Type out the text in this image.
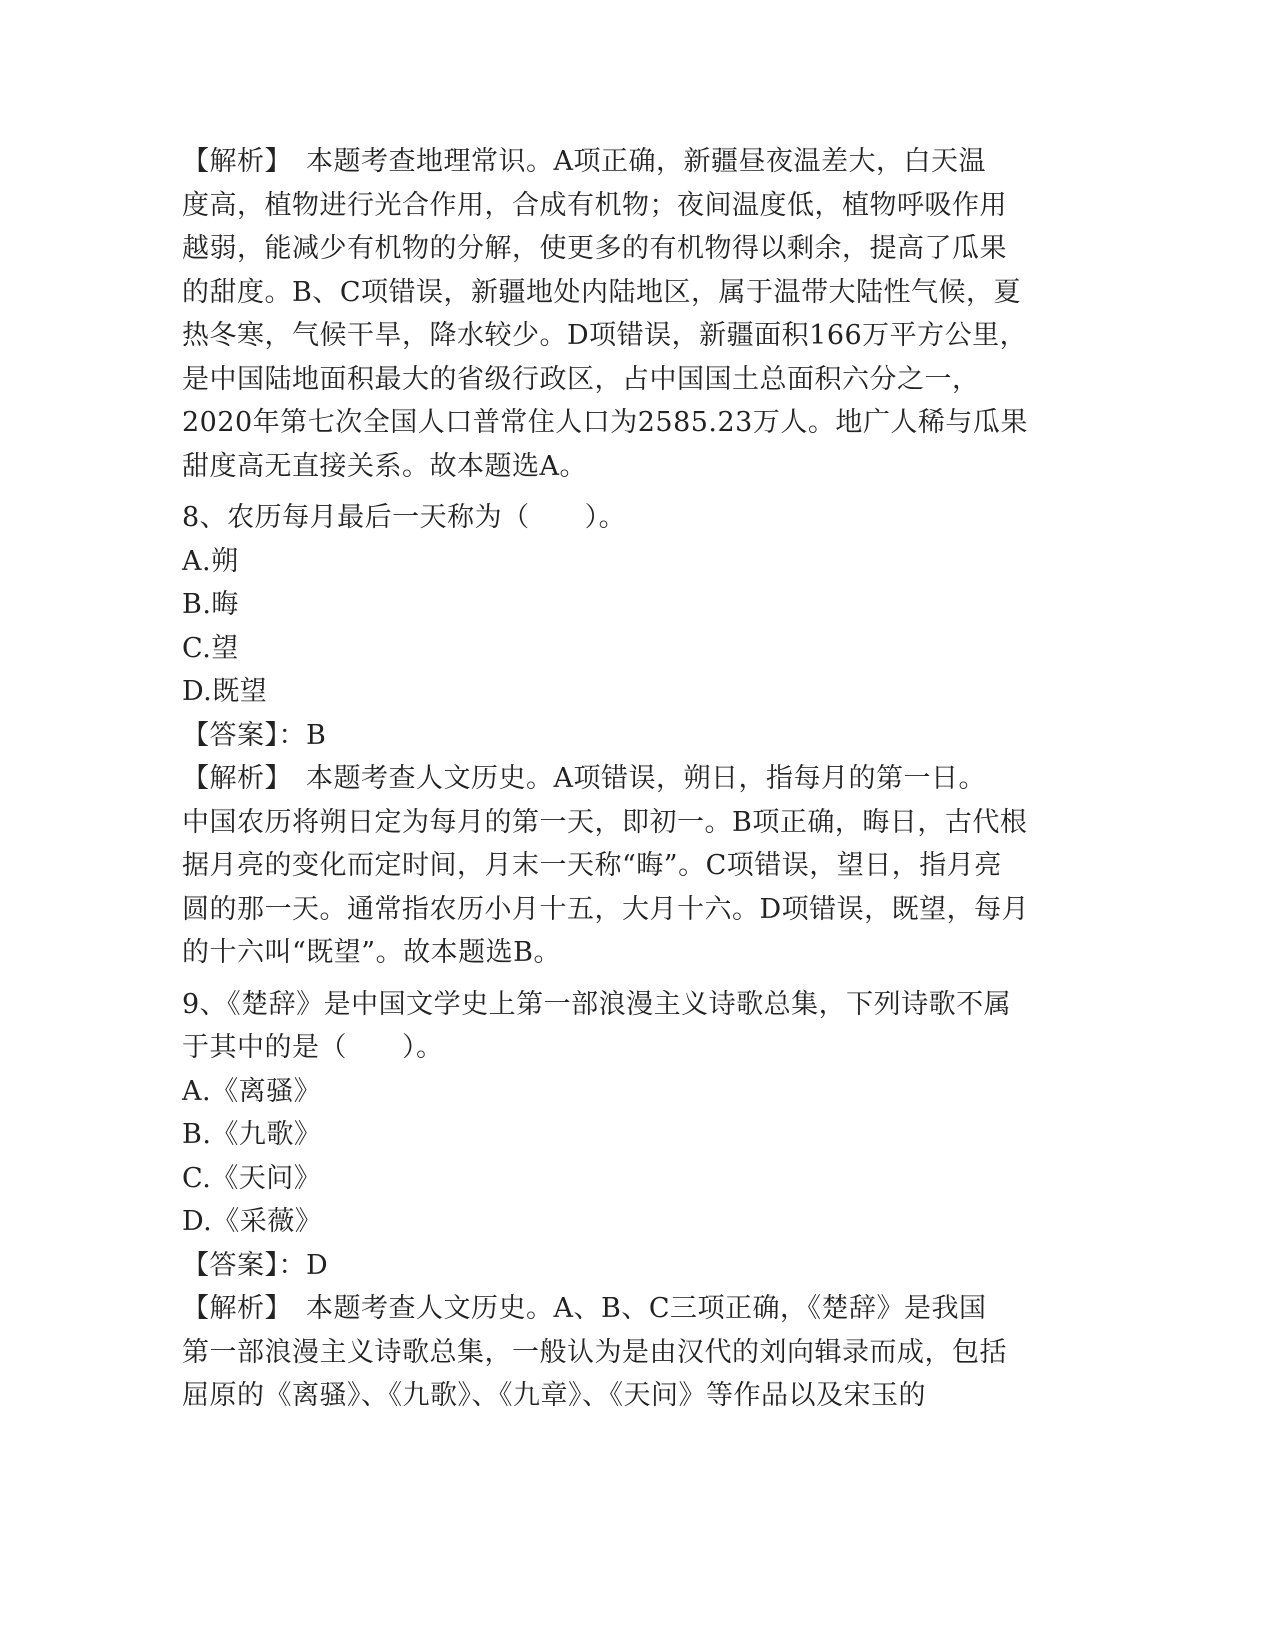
【解析】　本题考查地理常识。A项正确，新疆昼夜温差大，白天温
度高，植物进行光合作用，合成有机物；夜间温度低，植物呼吸作用
越弱，能减少有机物的分解，使更多的有机物得以剩余，提高了瓜果
的甜度。B、C项错误，新疆地处内陆地区，属于温带大陆性气候，夏
热冬寒，气候干旱，降水较少。D项错误，新疆面积166万平方公里，
是中国陆地面积最大的省级行政区，占中国国土总面积六分之一，
2020年第七次全国人口普常住人口为2585.23万人。地广人稀与瓜果
甜度高无直接关系。故本题选A。
8、农历每月最后一天称为（　　）。
A.朔
B.晦
C.望
D.既望
【答案】：B
【解析】　本题考查人文历史。A项错误，朔日，指每月的第一日。
中国农历将朔日定为每月的第一天，即初一。B项正确，晦日，古代根
据月亮的变化而定时间，月末一天称“晦”。C项错误，望日，指月亮
圆的那一天。通常指农历小月十五，大月十六。D项错误，既望，每月
的十六叫“既望”。故本题选B。
9、《楚辞》是中国文学史上第一部浪漫主义诗歌总集，下列诗歌不属
于其中的是（　　）。
A.《离骚》
B.《九歌》
C.《天问》
D.《采薇》
【答案】：D
【解析】　本题考查人文历史。A、B、C三项正确，《楚辞》是我国
第一部浪漫主义诗歌总集，一般认为是由汉代的刘向辑录而成，包括
屈原的《离骚》、《九歌》、《九章》、《天问》等作品以及宋玉的
